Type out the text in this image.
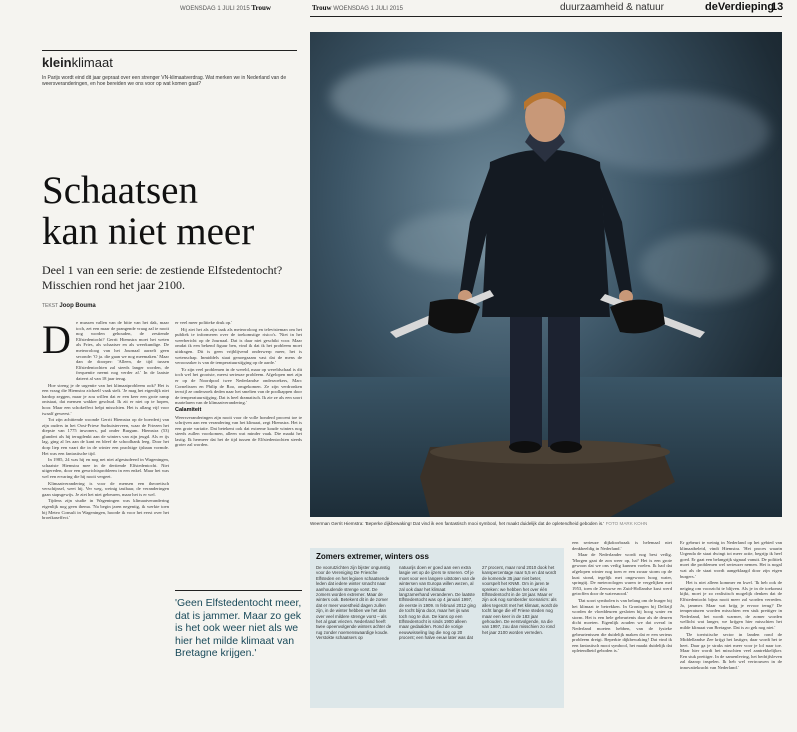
WOENSDAG 1 JULI 2015 Trouw	Trouw WOENSDAG 1 JULI 2015	duurzaamheid & natuur	deVerdieping
13
kleinklimaat
In Parijs wordt eind dit jaar gepraat over een strenger VN-klimaatverdrag. Wat merken we in Nederland van de weersveranderingen, en hoe bereiden we ons voor op wat komen gaat?
Schaatsen
kan niet meer
Deel 1 van een serie: de zestiende Elfstedentocht?
Misschien rond het jaar 2100.
TEKST Joop Bouma
D	e mussen vallen van de bitte van het dak, maar toch, zet een maar de prangende vraag zal ie nooit nog worden gehouden, de zestiende Elfstedentocht? Gerrit Hiemstra moet het weten als Fries, als schaatser en als weerkundige. De meteoroloog van het Journaal aarzelt geen seconde: 'O ja. die gaan we nog meemaken.' Maar dan de doorper: 'Alleen, de tijd tussen Elfstedentochten zal steeds langer worden, de frequentie neemt nog verder af.' In de laatste dateert al van 18 jaar terug.

Hoe streng je de urgentie van het klimaatprobleem ook? Het is een vraag die Hiemstra zichzelf vaak stelt. 'Je mag het eigenlijk niet hardop zeggen, maar je zou willen dat er een keer een grote ramp ontstaat, dat mensen wakker geschud. Ik zit er niet op te hopen, hoor. Maar een schokeffect helpt misschien. Het is allang vijf voor twaalf geweest.'

Tot zijn achttiende woonde Gerrit Hiemstra op de boerderij van zijn ouders in het Oost-Friese Surhuisterveen, waar de Friezen het diepste van 1775 inwoners, pal onder Burgum. Hiemstra (53) glundert als hij terugdenkt aan de winters van zijn jeugd. Als er ijs lag, ging al les aan de kant en bleef de schoolbank leeg. Door het dorp liep een vaart die in de winter een prachtige ijsbaan vormde. Het was een fantastische tijd.

In 1985, 24 was hij en nog net niet afgestudeerd in Wageningen, schaatste Hiemstra mee in de dertiende Elfstedentocht. Niet uitgereden, door een gewrichtsprobleem in een enkel. Maar het was wel een ervaring die hij nooit vergeet.

Klimaatverandering is voor de mensen een theoretisch verschijnsel, weet hij. Ver weg, weinig tastbaar, de veranderingen gaan stapsgewijs. Je ziet het niet gebeuren, maar het is er wel.

Tijdens zijn studie in Wageningen was klimaatverandering eigenlijk nog geen thema. 'Na begin jaren negentig, ik werkte toen bij Meteo Consult in Wageningen, hoorde ik voor het eerst over het broeikaseffect.'

er veel meer politieke druk op.'

Hij ziet het als zijn taak als meteoroloog en televisieman om het publiek te informeren over de toekomstige risico's. 'Niet in het weerbericht op de Journaal. Dat is daar niet geschikt voor. Maar omdat ik een bekend figuur ben, vind ik dat ik het probleem moet uitdragen. Dit is geen vrijblijvend onderwerp meer, het is wetenschap. Inmiddels staat genoegzaam vast dat de mens de veroorzaker is van de temperatuurstijging op de aarde.'

'Er zijn veel problemen in de wereld, maar op wereldschaal is dit toch wel het grootste, meest serieuze probleem. Afgelopen met zijn er op de Noordpool twee Nederlandse onderzoekers, Marc Cornelissen en Philip de Roo, omgekomen. Ze zijn verdronken terwijl ze onderzoek deden naar het smelten van de poolkappen door de temperatuurstijging. Dat is heel dramatisch. Ik zie ze als een soort martelaren van de klimaatverandering.'

Calamiteit

Weersveranderingen zijn nooit voor de volle honderd procent toe te schrijven aan een verandering van het klimaat, zegt Hiemstra. Het is een grote variatie. Dat betekent ook dat extreme koude winters nog steeds zullen voorkomen, alleen wat minder vaak. Die maakt het lastig. Ik hermeer dat het de tijd tussen de Elfstedentochten steeds groter zal worden.

'Geen Elfstedentocht meer, dat is jammer. Maar zo gek is het ook weer niet als we hier het milde klimaat van Bretagne krijgen.'
Weerman Gerrit Hiemstra: 'Beperke dijkbewaking! Dat vind ik een fantastisch mooi symbool, het maakt duidelijk dat de opletendheid geboden is.' FOTO MARK KOHN
Zomers extremer, winters oss
De voorutzichten zijn bijster ongunstig voor de Vereniging De Friesche Elfsteden en het legioen schaatsende leden dat iedere winter smacht naar aanhoudende strenge vorst. De zomers worden extremer. Maar de winters ook. Betekent dit in de zomer dat er meer woestheid dagen zullen zijn, in de winter hebben we het dan over veel mildere strenge vorst – als het al gaat vriezen. Nederland heeft twee opeenvolgende winters achter de rug zonder noemenswaardige koude. Verstokte schaatsers op
natuurijs doen er goed aan een extra lasgie vet op de ijzers te smeren. Of je moet voor een langere uitstoten van de wintersen van Europa willen wezen, al zal ook daar het klimaat langzamerhand veranderen. De laatste Elfstedentocht was op 4 januari 1997, de eerste in 1909. In februari 2012 ging de tocht bijna door, maar het ijs was toch nog te dun. De kans op een Elfstedentocht is sinds 1900 alleen maar gedaalden. Rond de vorige eeuwwisseling lag die nog op 20 procent; een halve eeuw later was dat
27 procent, maar rond 2010 dook het kanspercentage naar 5,5 en dat wordt de komende 35 jaar niet beter, voorspelt het KNMI. Om in jaren te spreken: we hebben het over één Elfstedentocht in de 18 jaar. Maar er zijn ook nog somberder scenario's: als alles tegenzit met het klimaat, wordt de tocht lange die elf Friese steden nog maar een keer in de 183 jaar gehouden. De eerstvolgende, na die van 1997, zou dan misschien zo rond het jaar 2100 worden verreden.

een serieuze dijkdoorbraak is helemaal niet denkbeeldig in Nederland.'

Maar de Nederlander wordt nog best veilig. 'Morgen gaat de zon weer op, ha? Het is een grote gewoon dat we ons veilig kunnen voelen. Ik had dat afgelopen winter nog toen er een zwaar storm op de kust stond, tegelijk met ongewoon hoog water, springtij. De meteorologen waren te vergelijken met 1953, toen de Zeeuwse en Zuid-Hollandse kust werd getroffen door de watersnood.'

'Dat soort symbolen is van belang om de burger bij het klimaat te betrekken. In Groningen bij Delfzijl worden de vloeddeuren gesloten bij hoog water en storm. Het is een hele gebeurtenis daar als de deuren dicht moeten. Eigenlijk zouden we dat overal in Nederland moeten hebben, van de fysieke gebeurtenissen die duidelijk maken dat er een serieus probleem dreigt. Beperkte dijkbewaking! Dat vind ik een fantastisch mooi symbool, het maakt duidelijk dat opletendheid geboden is.'

Er gebeurt te weinig in Nederland op het gebied van klimaatbeleid, vindt Hiemstra. 'Het proces waarin Urgenda de staat dwingt tot meer actie, begrijp ik heel goed. Er gaat een belangrijk signaal vanuit. De politiek moet die problemen wel serieuzer nemen. Het is nogal wat als de staat wordt aangeklaagd door zijn eigen burgers.'

Het is niet alleen kommer en kwel. 'Ik heb ook de neiging om voorzicht te blijven. Als je in de toekomst kijkt, moet je zo realistisch mogelijk denken dat de Elfstedentocht bijna nooit meer zal worden verreden. Ja, jammer. Maar wat krijg je ervoor terug? De temperaturen worden misschien een stuk prettiger in Nederland, het wordt warmer, de zomer worden wellicht wat langer, we krijgen hier misschien het milde klimaat van Bretagne. Dat is zo gek nog niet.'

'De toeristische sector in landen rond de Middellandse Zee krijgt het lastiger, daar wordt het te heet. Daar ga je straks niet meer voor je lol naar toe. Maar hier wordt het misschien veel aantrekkelijker. Een stuk prettiger. In de samenleving, het bedrijfsleven zal daarop inspelen. Ik heb wel vertrouwen in de innovatiekracht van Nederland.'
